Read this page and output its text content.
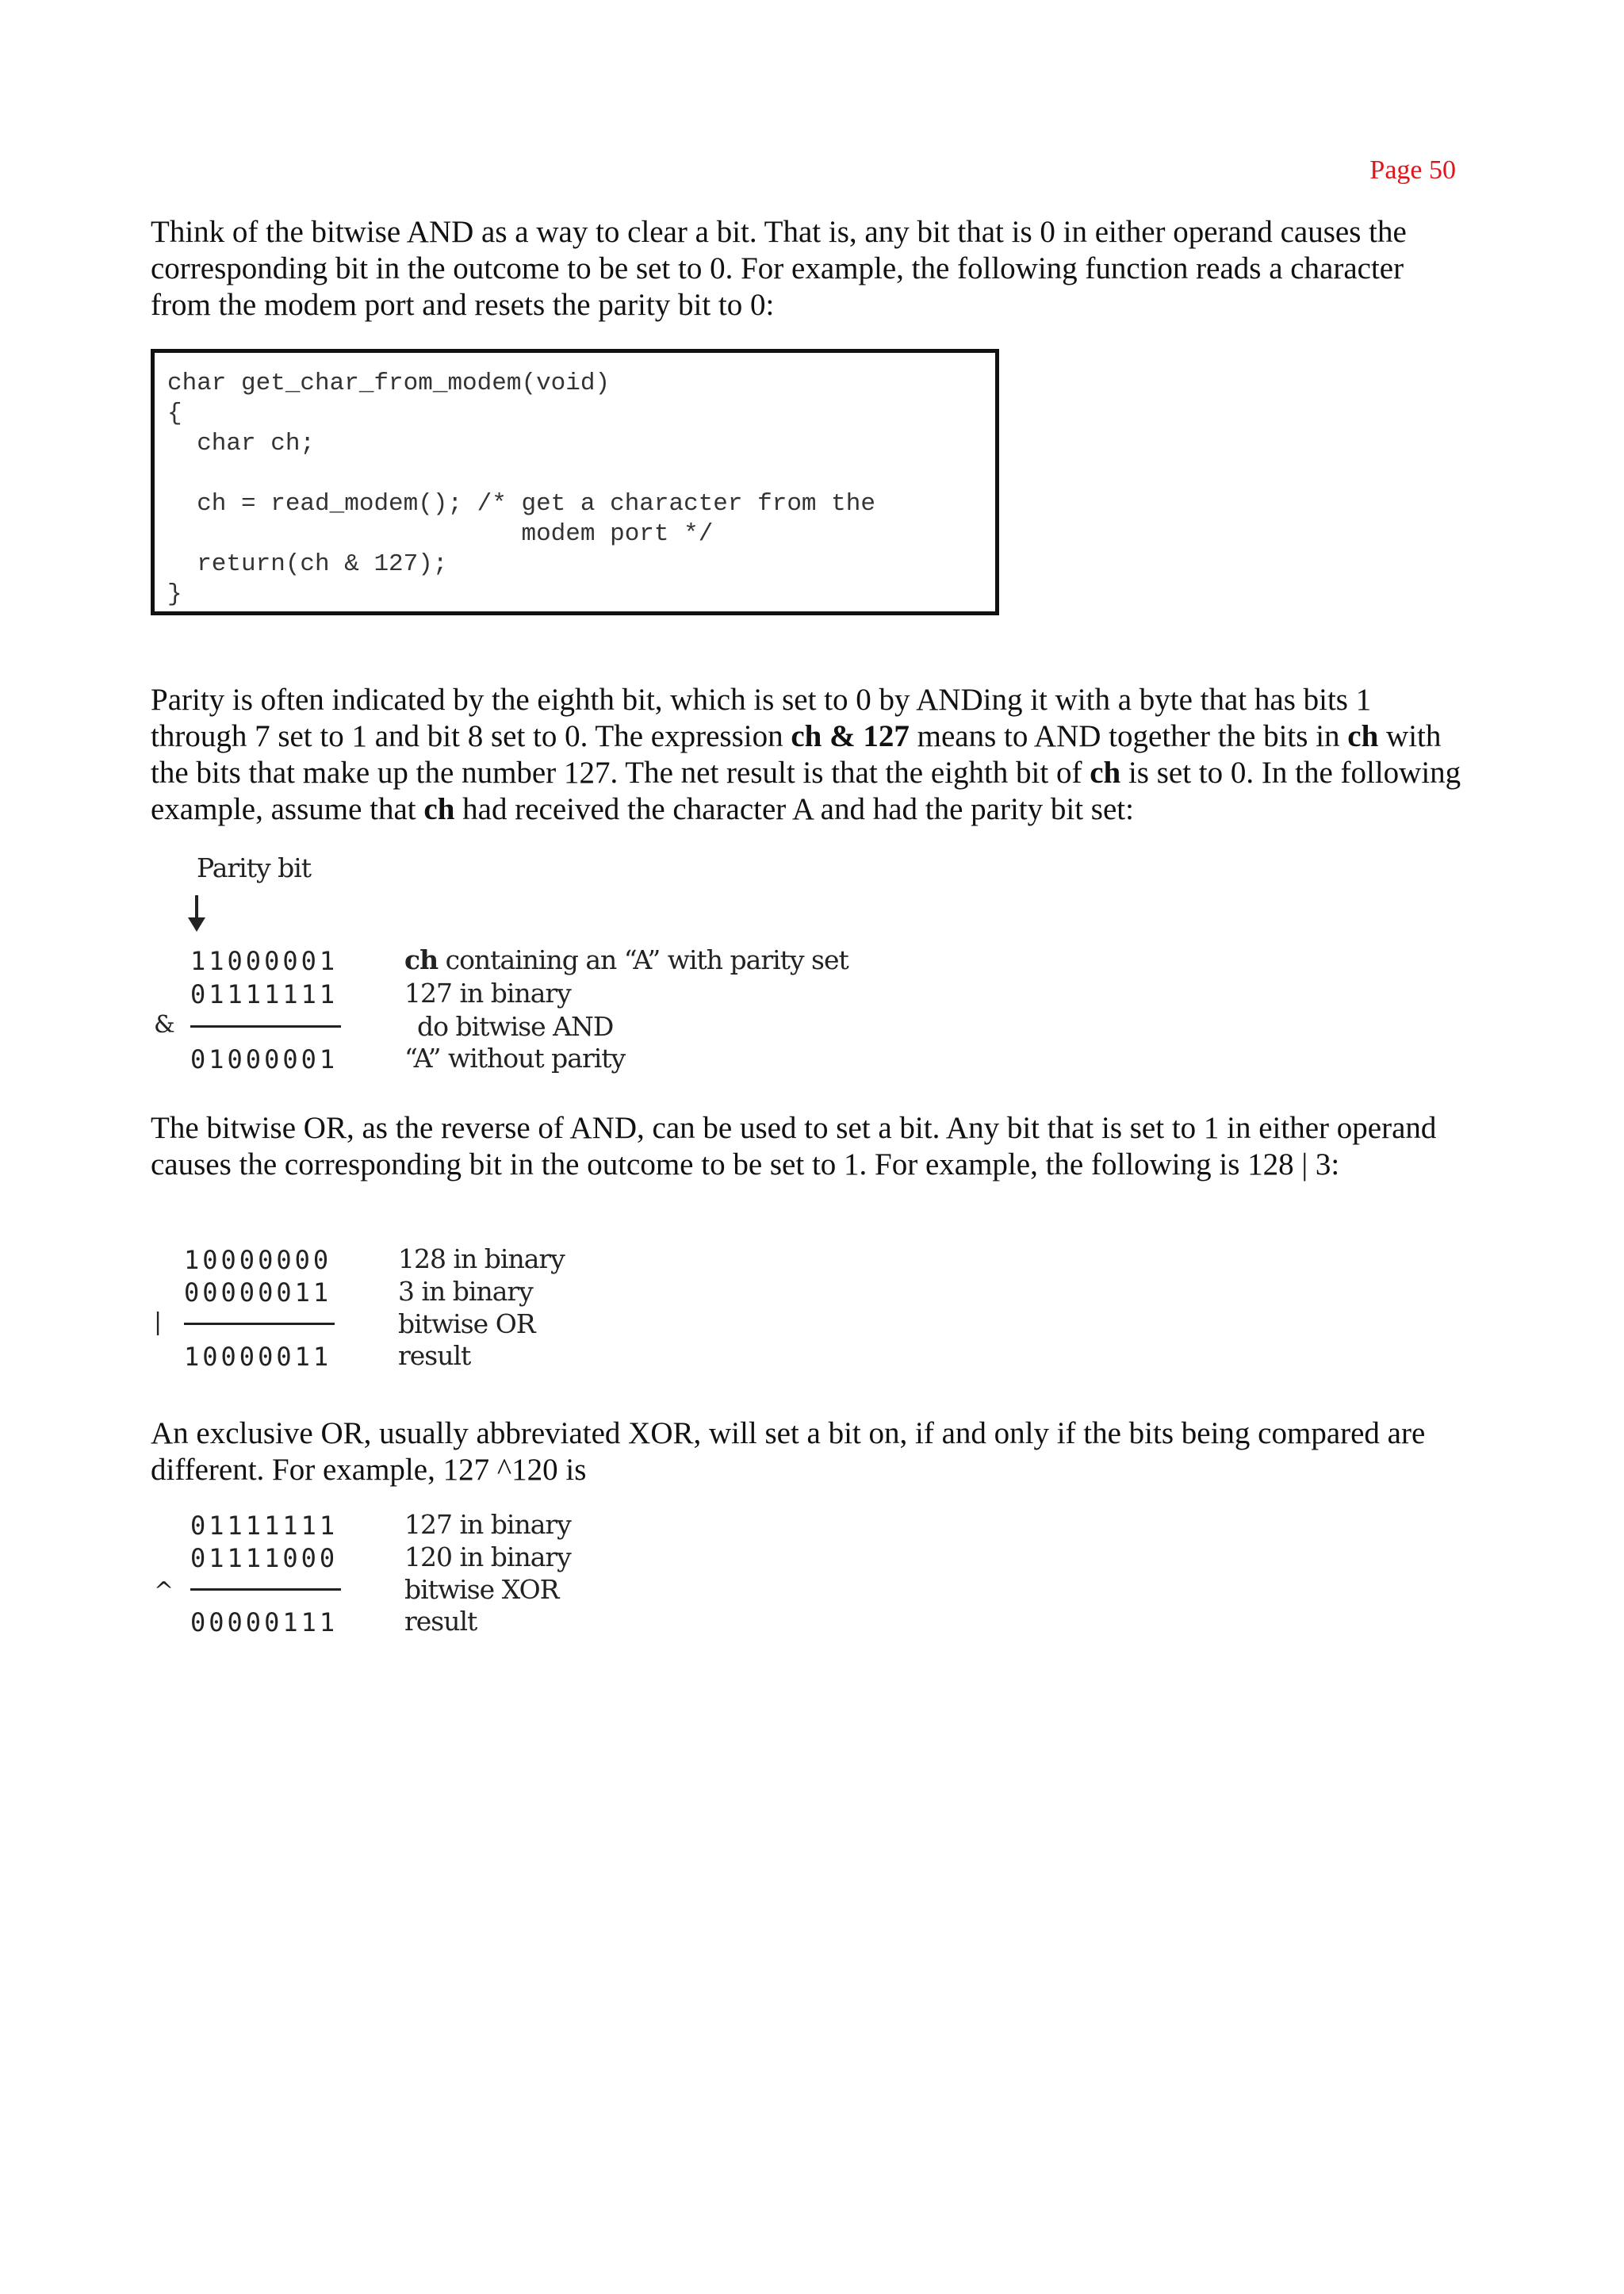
Page 50

Think of the bitwise AND as a way to clear a bit. That is, any bit that is 0 in either operand causes the corresponding bit in the outcome to be set to 0. For example, the following function reads a character from the modem port and resets the parity bit to 0:

char get_char_from_modem(void)
{
char ch;

ch = read_modem(); /* get a character from the
modem port */
return(ch & 127);
}

Parity is often indicated by the eighth bit, which is set to 0 by ANDing it with a byte that has bits 1 through 7 set to 1 and bit 8 set to 0. The expression ch & 127 means to AND together the bits in ch with the bits that make up the number 127. The net result is that the eighth bit of ch is set to 0. In the following example, assume that ch had received the character A and had the parity bit set:

Parity bit
11000001	ch containing an “A” with parity set
01111111	127 in binary
&	do bitwise AND
01000001	“A” without parity

The bitwise OR, as the reverse of AND, can be used to set a bit. Any bit that is set to 1 in either operand causes the corresponding bit in the outcome to be set to 1. For example, the following is 128 | 3:

10000000	128 in binary
00000011	3 in binary
|	bitwise OR
10000011	result

An exclusive OR, usually abbreviated XOR, will set a bit on, if and only if the bits being compared are different. For example, 127 ^120 is

01111111	127 in binary
01111000	120 in binary
^	bitwise XOR
00000111	result
